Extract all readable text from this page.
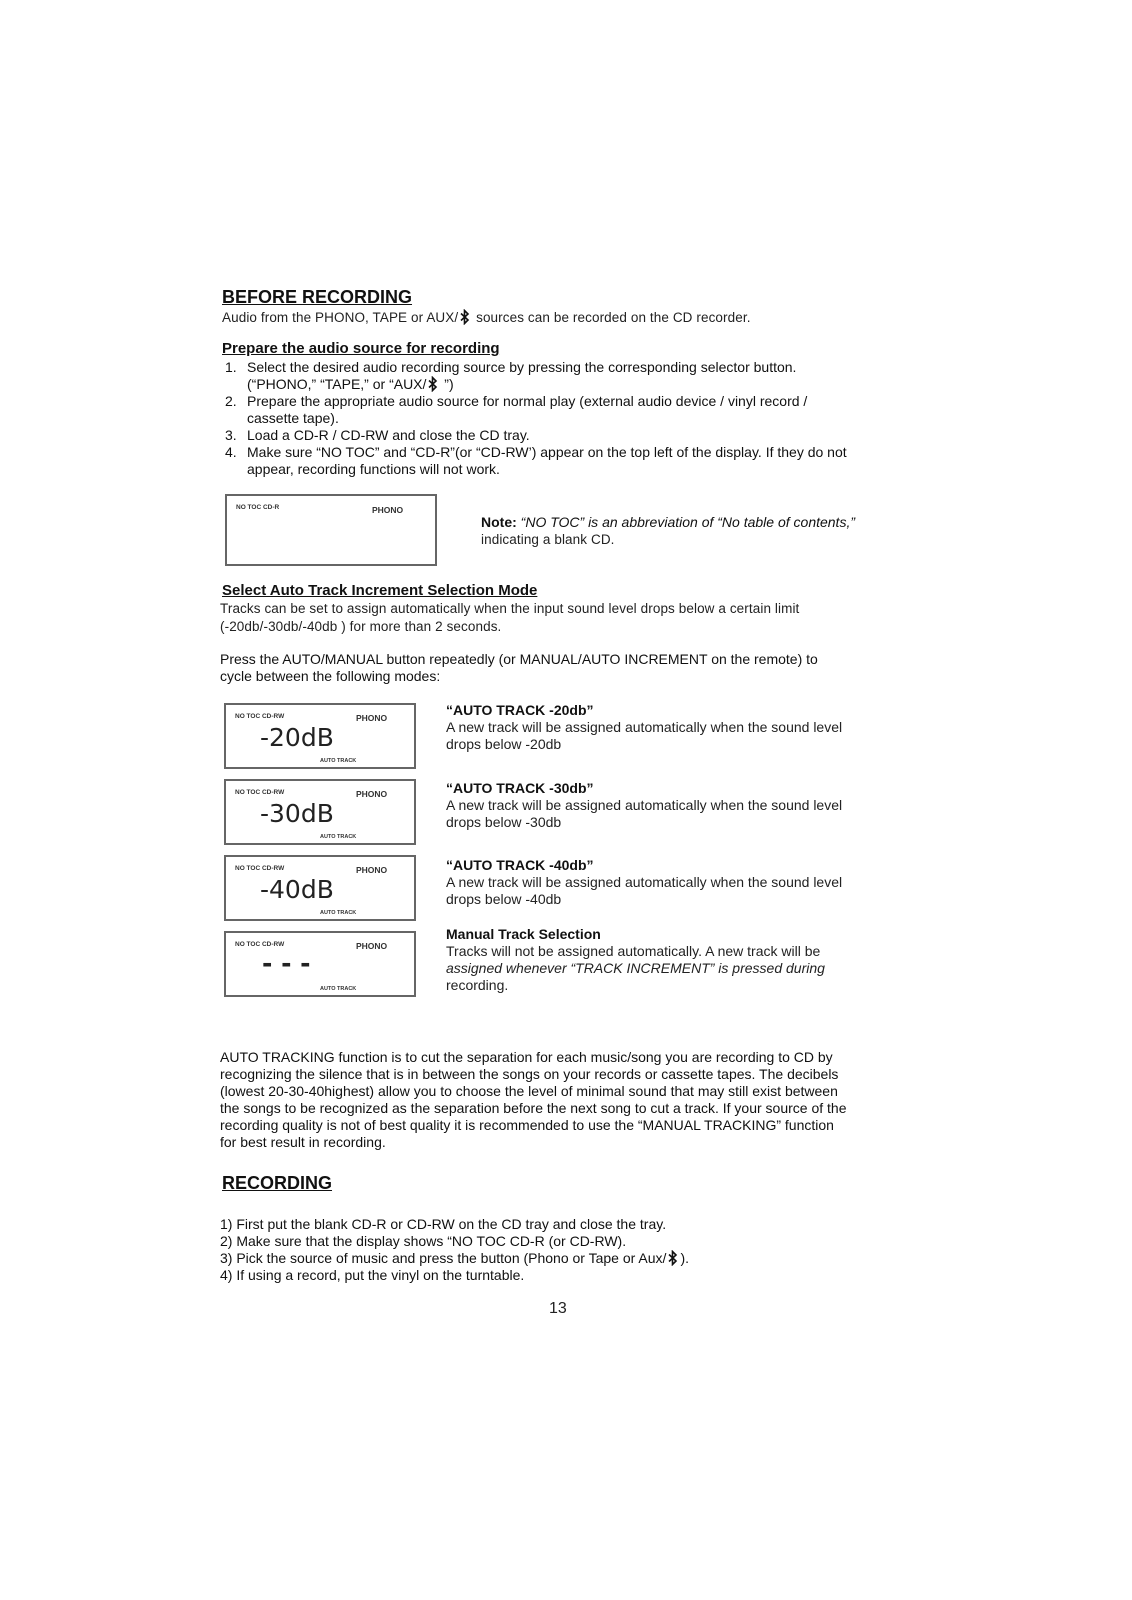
BEFORE RECORDING
Audio from the PHONO, TAPE or AUX/ sources can be recorded on the CD recorder.
Prepare the audio source for recording
1. Select the desired audio recording source by pressing the corresponding selector button.
(“PHONO,” “TAPE,” or “AUX/ ”)
2. Prepare the appropriate audio source for normal play (external audio device / vinyl record /
cassette tape).
3. Load a CD-R / CD-RW and close the CD tray.
4. Make sure “NO TOC” and “CD-R”(or “CD-RW’) appear on the top left of the display. If they do not
appear, recording functions will not work.
NO TOC CD-R	PHONO
Note: “NO TOC” is an abbreviation of “No table of contents,”
indicating a blank CD.
Select Auto Track Increment Selection Mode
Tracks can be set to assign automatically when the input sound level drops below a certain limit
(-20db/-30db/-40db ) for more than 2 seconds.
Press the AUTO/MANUAL button repeatedly (or MANUAL/AUTO INCREMENT on the remote) to
cycle between the following modes:
NO TOC CD-RW	PHONO
-20dB
AUTO TRACK
“AUTO TRACK -20db”
A new track will be assigned automatically when the sound level
drops below -20db
NO TOC CD-RW	PHONO
-30dB
AUTO TRACK
“AUTO TRACK -30db”
A new track will be assigned automatically when the sound level
drops below -30db
NO TOC CD-RW	PHONO
-40dB
AUTO TRACK
“AUTO TRACK -40db”
A new track will be assigned automatically when the sound level
drops below -40db
NO TOC CD-RW	PHONO
- - -
AUTO TRACK
Manual Track Selection
Tracks will not be assigned automatically. A new track will be
assigned whenever “TRACK INCREMENT” is pressed during
recording.
AUTO TRACKING function is to cut the separation for each music/song you are recording to CD by
recognizing the silence that is in between the songs on your records or cassette tapes. The decibels
(lowest 20-30-40highest) allow you to choose the level of minimal sound that may still exist between
the songs to be recognized as the separation before the next song to cut a track. If your source of the
recording quality is not of best quality it is recommended to use the “MANUAL TRACKING” function
for best result in recording.
RECORDING
1) First put the blank CD-R or CD-RW on the CD tray and close the tray.
2) Make sure that the display shows “NO TOC CD-R (or CD-RW).
3) Pick the source of music and press the button (Phono or Tape or Aux/ ).
4) If using a record, put the vinyl on the turntable.
13
